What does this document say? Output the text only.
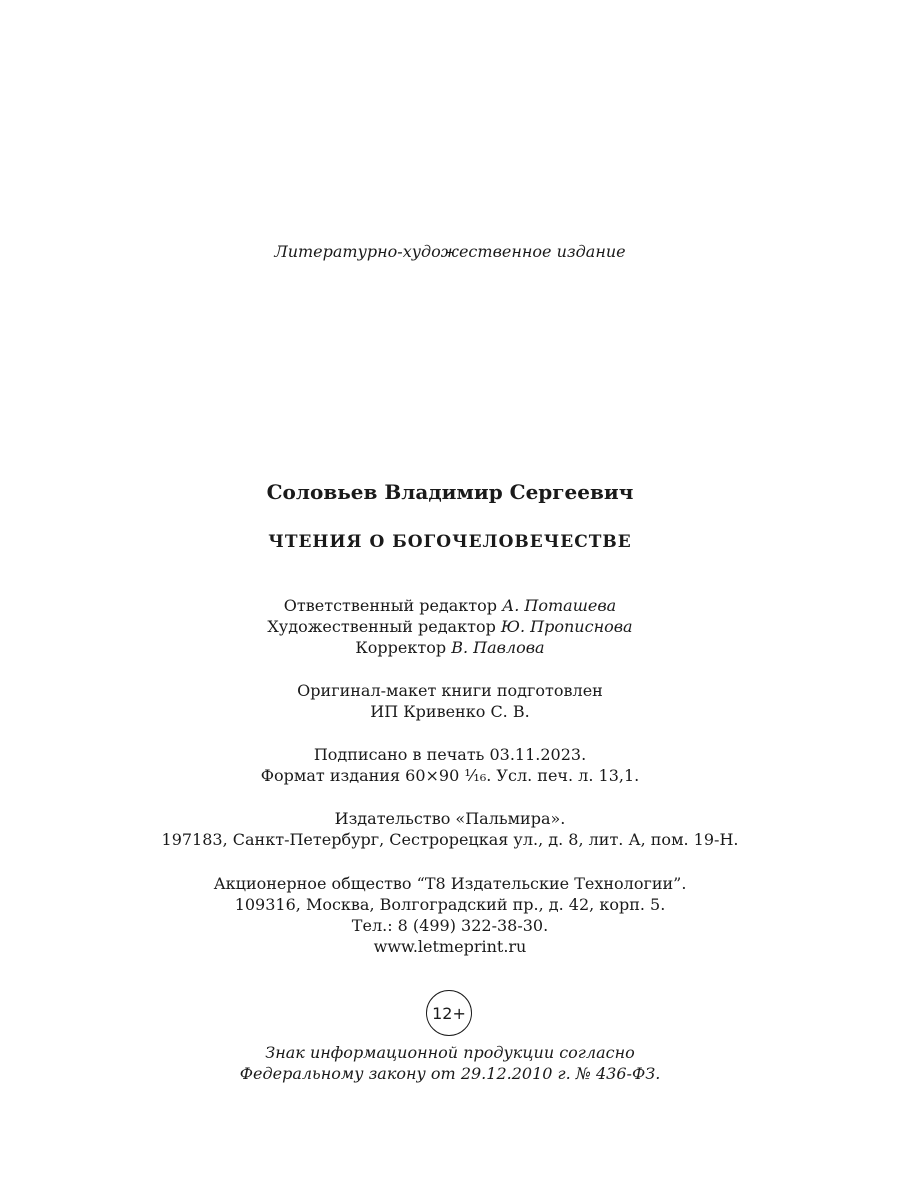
Литературно-художественное издание
Соловьев Владимир Сергеевич
ЧТЕНИЯ О БОГОЧЕЛОВЕЧЕСТВЕ
Ответственный редактор А. Поташева
Художественный редактор Ю. Прописнова
Корректор В. Павлова
Оригинал-макет книги подготовлен
ИП Кривенко С. В.
Подписано в печать 03.11.2023.
Формат издания 60×90 ¹⁄₁₆. Усл. печ. л. 13,1.
Издательство «Пальмира».
197183, Санкт-Петербург, Сестрорецкая ул., д. 8, лит. А, пом. 19-Н.
Акционерное общество “Т8 Издательские Технологии”.
109316, Москва, Волгоградский пр., д. 42, корп. 5.
Тел.: 8 (499) 322-38-30.
www.letmeprint.ru
12+
Знак информационной продукции согласно
Федеральному закону от 29.12.2010 г. № 436-ФЗ.
